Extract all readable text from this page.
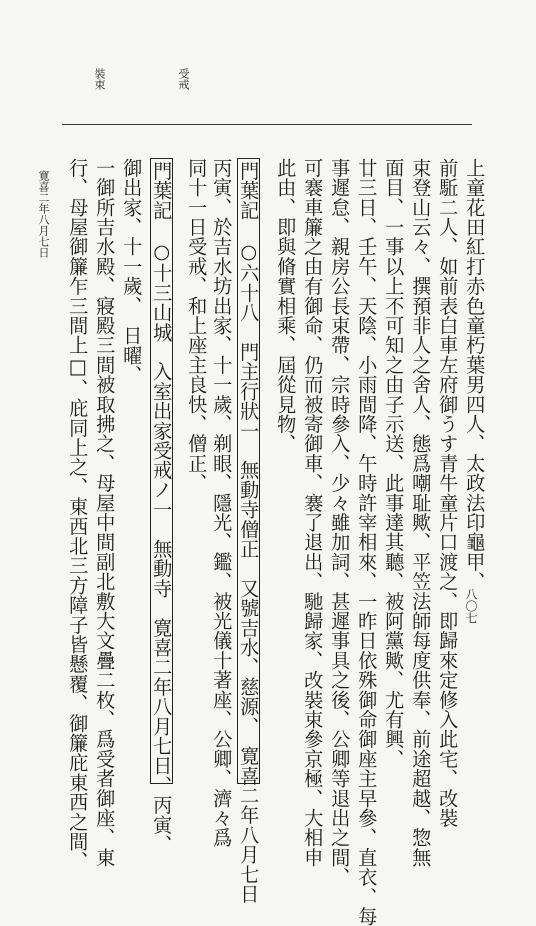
受戒
裝束
八〇七
寛喜二年八月七日	上童花田紅打赤色童朽葉男四人、太政法印龜甲、
前駈二人、如前表白車左府御うす青牛童片口渡之、即歸來定修入此宅、改裝
束登山云々、撰預非人之舍人、態爲嘲耻歟、平笠法師每度供奉、前途超越、惣無
面目、一事以上不可知之由子示送、此事達其聽、被阿黨歟、尤有興、
廿三日、壬午、天陰、小雨間降、午時許宰相來、一昨日依殊御命御座主早參、直衣、每
事遲怠、親房公長束帶、宗時參入、少々雖加詞、甚遲事具之後、公卿等退出之間、
可褰車簾之由有御命、仍而被寄御車、褰了退出、馳歸家、改裝束參京極、大相申
此由、即與脩實相乘、屆從見物、
門葉記　○六十八　門主行狀一　無動寺僧正　又號吉水、慈源、　寛喜二年八月七日
丙寅、於吉水坊出家、十一歲、剃眼、隱光、鑑、被光儀十著座、公卿、濟々爲
同十一日受戒、和上座主良快、僧正、
門葉記　○十三山城　入室出家受戒ノ一　無動寺　寛喜二年八月七日、丙寅、
御出家、十一歲、　日曜、
一御所吉水殿、寢殿三間被取拂之、母屋中間副北敷大文疊二枚、爲受者御座、東
行、母屋御簾乍三間上□、庇同上之、東西北三方障子皆懸覆、御簾庇東西之間、
